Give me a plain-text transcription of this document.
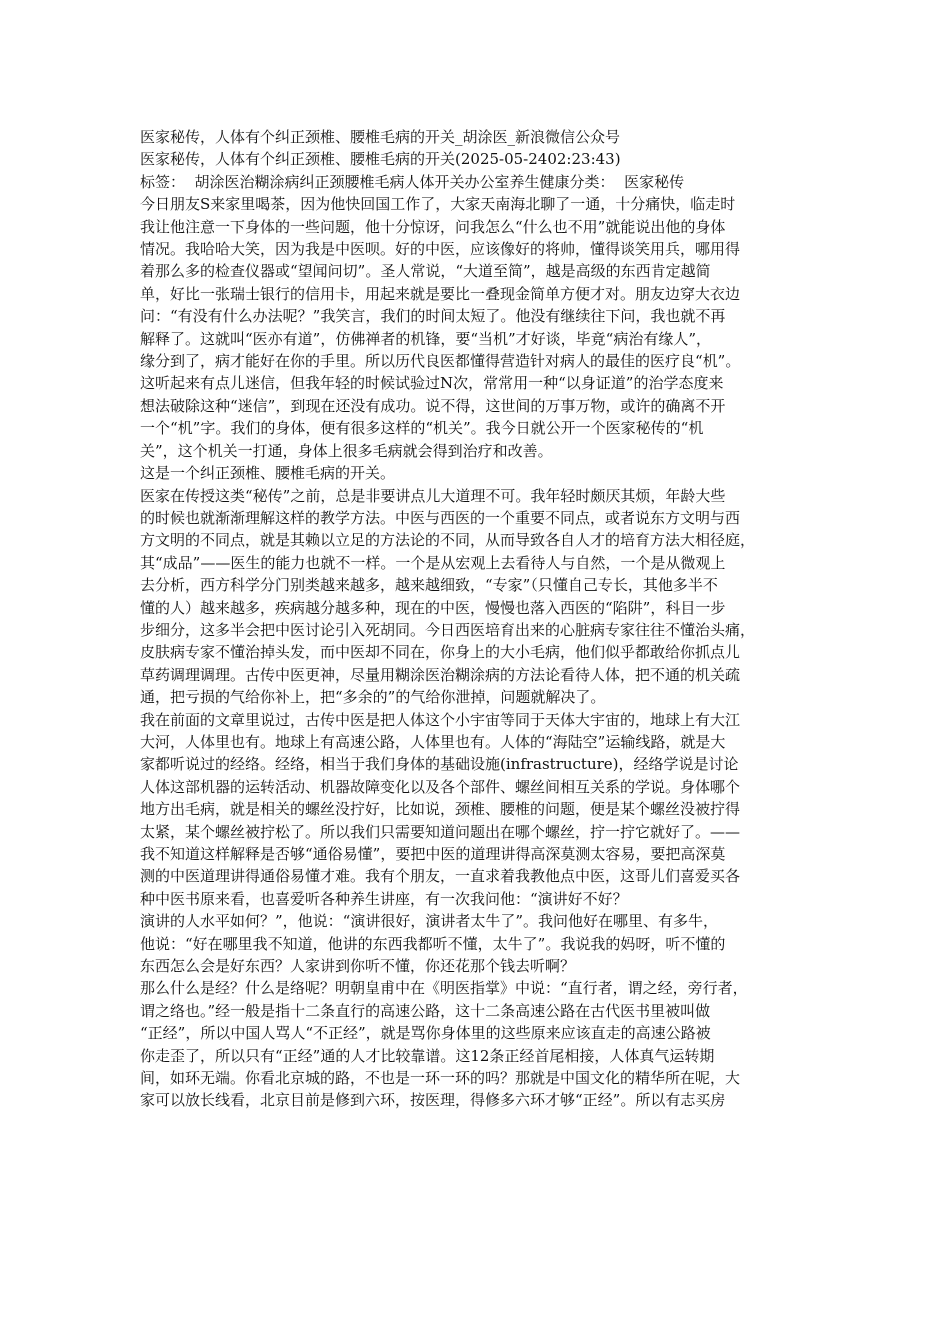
医家秘传，人体有个纠正颈椎、腰椎毛病的开关_胡涂医_新浪微信公众号

医家秘传，人体有个纠正颈椎、腰椎毛病的开关(2025-05-2402:23:43)

标签：  胡涂医治糊涂病纠正颈腰椎毛病人体开关办公室养生健康分类：  医家秘传

今日朋友S来家里喝茶，因为他快回国工作了，大家天南海北聊了一通，十分痛快，临走时

我让他注意一下身体的一些问题，他十分惊讶，问我怎么“什么也不用”就能说出他的身体

情况。我哈哈大笑，因为我是中医呗。好的中医，应该像好的将帅，懂得谈笑用兵，哪用得

着那么多的检查仪器或“望闻问切”。圣人常说，“大道至简”，越是高级的东西肯定越简

单，好比一张瑞士银行的信用卡，用起来就是要比一叠现金简单方便才对。朋友边穿大衣边

问：“有没有什么办法呢？”我笑言，我们的时间太短了。他没有继续往下问，我也就不再

解释了。这就叫“医亦有道”，仿佛禅者的机锋，要“当机”才好谈，毕竟“病治有缘人”，

缘分到了，病才能好在你的手里。所以历代良医都懂得营造针对病人的最佳的医疗良“机”。

这听起来有点儿迷信，但我年轻的时候试验过N次，常常用一种“以身证道”的治学态度来

想法破除这种“迷信”，到现在还没有成功。说不得，这世间的万事万物，或许的确离不开

一个“机”字。我们的身体，便有很多这样的“机关”。我今日就公开一个医家秘传的“机

关”，这个机关一打通，身体上很多毛病就会得到治疗和改善。

这是一个纠正颈椎、腰椎毛病的开关。

医家在传授这类“秘传”之前，总是非要讲点儿大道理不可。我年轻时颇厌其烦，年龄大些

的时候也就渐渐理解这样的教学方法。中医与西医的一个重要不同点，或者说东方文明与西

方文明的不同点，就是其赖以立足的方法论的不同，从而导致各自人才的培育方法大相径庭，

其“成品”——医生的能力也就不一样。一个是从宏观上去看待人与自然，一个是从微观上

去分析，西方科学分门别类越来越多，越来越细致，“专家”（只懂自己专长，其他多半不

懂的人）越来越多，疾病越分越多种，现在的中医，慢慢也落入西医的“陷阱”，科目一步

步细分，这多半会把中医讨论引入死胡同。今日西医培育出来的心脏病专家往往不懂治头痛，

皮肤病专家不懂治掉头发，而中医却不同在，你身上的大小毛病，他们似乎都敢给你抓点儿

草药调理调理。古传中医更神，尽量用糊涂医治糊涂病的方法论看待人体，把不通的机关疏

通，把亏损的气给你补上，把“多余的”的气给你泄掉，问题就解决了。

我在前面的文章里说过，古传中医是把人体这个小宇宙等同于天体大宇宙的，地球上有大江

大河，人体里也有。地球上有高速公路，人体里也有。人体的“海陆空”运输线路，就是大

家都听说过的经络。经络，相当于我们身体的基础设施(infrastructure)，经络学说是讨论

人体这部机器的运转活动、机器故障变化以及各个部件、螺丝间相互关系的学说。身体哪个

地方出毛病，就是相关的螺丝没拧好，比如说，颈椎、腰椎的问题，便是某个螺丝没被拧得

太紧，某个螺丝被拧松了。所以我们只需要知道问题出在哪个螺丝，拧一拧它就好了。——

我不知道这样解释是否够“通俗易懂”，要把中医的道理讲得高深莫测太容易，要把高深莫

测的中医道理讲得通俗易懂才难。我有个朋友，一直求着我教他点中医，这哥儿们喜爱买各

种中医书原来看，也喜爱听各种养生讲座，有一次我问他：“演讲好不好？

演讲的人水平如何？”，他说：“演讲很好，演讲者太牛了”。我问他好在哪里、有多牛，

他说：“好在哪里我不知道，他讲的东西我都听不懂，太牛了”。我说我的妈呀，听不懂的

东西怎么会是好东西？人家讲到你听不懂，你还花那个钱去听啊？

那么什么是经？什么是络呢？明朝皇甫中在《明医指掌》中说：“直行者，谓之经，旁行者，

谓之络也。”经一般是指十二条直行的高速公路，这十二条高速公路在古代医书里被叫做

“正经”，所以中国人骂人“不正经”，就是骂你身体里的这些原来应该直走的高速公路被

你走歪了，所以只有“正经”通的人才比较靠谱。这12条正经首尾相接，人体真气运转期

间，如环无端。你看北京城的路，不也是一环一环的吗？那就是中国文化的精华所在呢，大

家可以放长线看，北京目前是修到六环，按医理，得修多六环才够“正经”。所以有志买房
